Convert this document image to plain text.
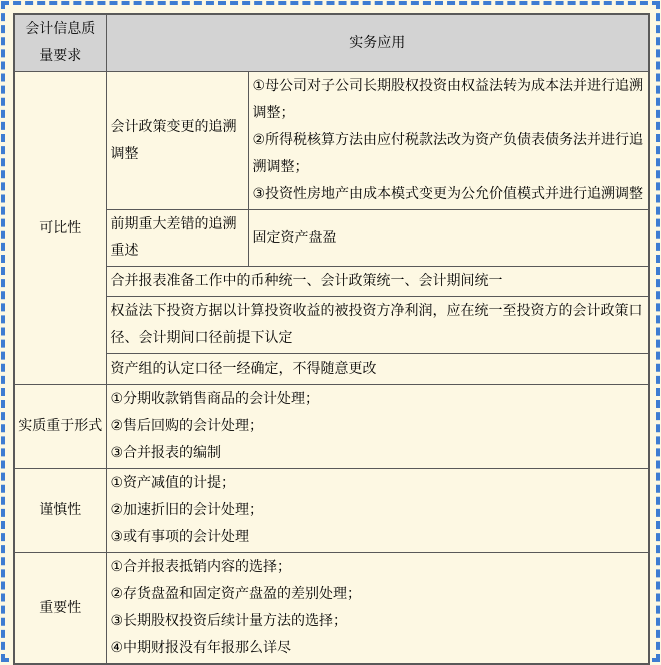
会计信息质量要求	实务应用	
可比性	会计政策变更的追溯调整	①母公司对子公司长期股权投资由权益法转为成本法并进行追溯调整；
②所得税核算方法由应付税款法改为资产负债表债务法并进行追溯调整；
③投资性房地产由成本模式变更为公允价值模式并进行追溯调整

	前期重大差错的追溯重述	固定资产盘盈
	合并报表准备工作中的币种统一、会计政策统一、会计期间统一	
	权益法下投资方据以计算投资收益的被投资方净利润，应在统一至投资方的会计政策口径、会计期间口径前提下认定	
	资产组的认定口径一经确定，不得随意更改	
实质重于形式	①分期收款销售商品的会计处理；
②售后回购的会计处理；
③合并报表的编制	

谨慎性	①资产减值的计提；
②加速折旧的会计处理；
③或有事项的会计处理	

重要性	①合并报表抵销内容的选择；
②存货盘盈和固定资产盘盈的差别处理；
③长期股权投资后续计量方法的选择；
④中期财报没有年报那么详尽	
